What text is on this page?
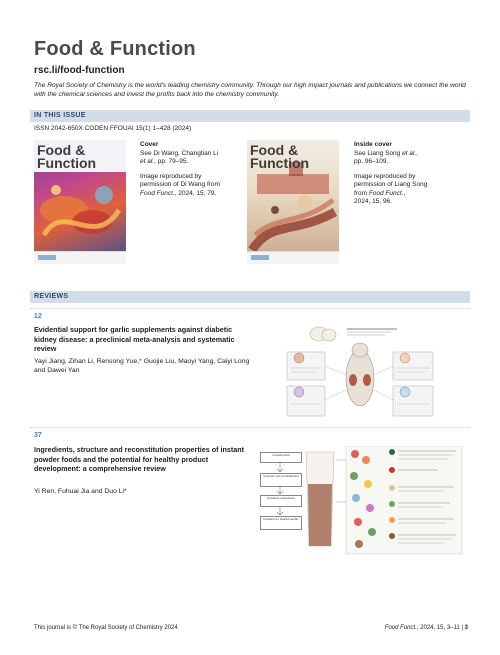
Food & Function
rsc.li/food-function
The Royal Society of Chemistry is the world’s leading chemistry community. Through our high impact journals and publications we connect the world with the chemical sciences and invest the profits back into the chemistry community.
IN THIS ISSUE
ISSN 2042-650X CODEN FFOUAI 15(1) 1–428 (2024)
Food & Function
Cover
See Di Wang, Changtian Li
et al., pp. 79–95.
Image reproduced by
permission of Di Wang from
Food Funct., 2024, 15, 79.
Food & Function
Inside cover
See Liang Song et al.,
pp. 96–109.
Image reproduced by
permission of Liang Song
from Food Funct.,
2024, 15, 96.
REVIEWS
12
Evidential support for garlic supplements against diabetic kidney disease: a preclinical meta-analysis and systematic review
Yayi Jiang, Zihan Li, Rensong Yue,* Guojie Liu, Maoyi Yang, Caiyi Long and Dawei Yan
37
Ingredients, structure and reconstitution properties of instant powder foods and the potential for healthy product development: a comprehensive review
Yi Ren, Fuhuai Jia and Duo Li*
Classification
Structure and reconstitution
Potential components
Potential for health benefits
This journal is © The Royal Society of Chemistry 2024	Food Funct., 2024, 15, 3–11 | 3
